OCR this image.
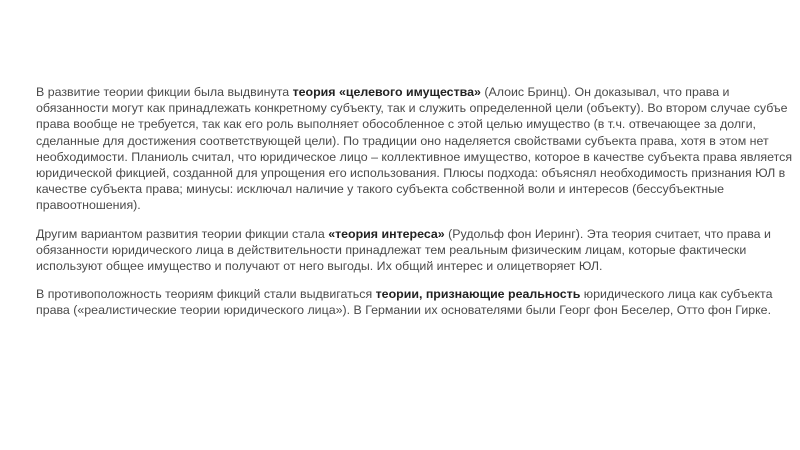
В развитие теории фикции была выдвинута теория «целевого имущества» (Алоис Бринц). Он доказывал, что права и
обязанности могут как принадлежать конкретному субъекту, так и служить определенной цели (объекту). Во втором случае субъе
права вообще не требуется, так как его роль выполняет обособленное с этой целью имущество (в т.ч. отвечающее за долги,
сделанные для достижения соответствующей цели). По традиции оно наделяется свойствами субъекта права, хотя в этом нет
необходимости. Планиоль считал, что юридическое лицо – коллективное имущество, которое в качестве субъекта права является
юридической фикцией, созданной для упрощения его использования. Плюсы подхода: объяснял необходимость признания ЮЛ в
качестве субъекта права; минусы: исключал наличие у такого субъекта собственной воли и интересов (бессубъектные
правоотношения).
Другим вариантом развития теории фикции стала «теория интереса» (Рудольф фон Иеринг). Эта теория считает, что права и
обязанности юридического лица в действительности принадлежат тем реальным физическим лицам, которые фактически
используют общее имущество и получают от него выгоды. Их общий интерес и олицетворяет ЮЛ.
В противоположность теориям фикций стали выдвигаться теории, признающие реальность юридического лица как субъекта
права («реалистические теории юридического лица»). В Германии их основателями были Георг фон Беселер, Отто фон Гирке.
